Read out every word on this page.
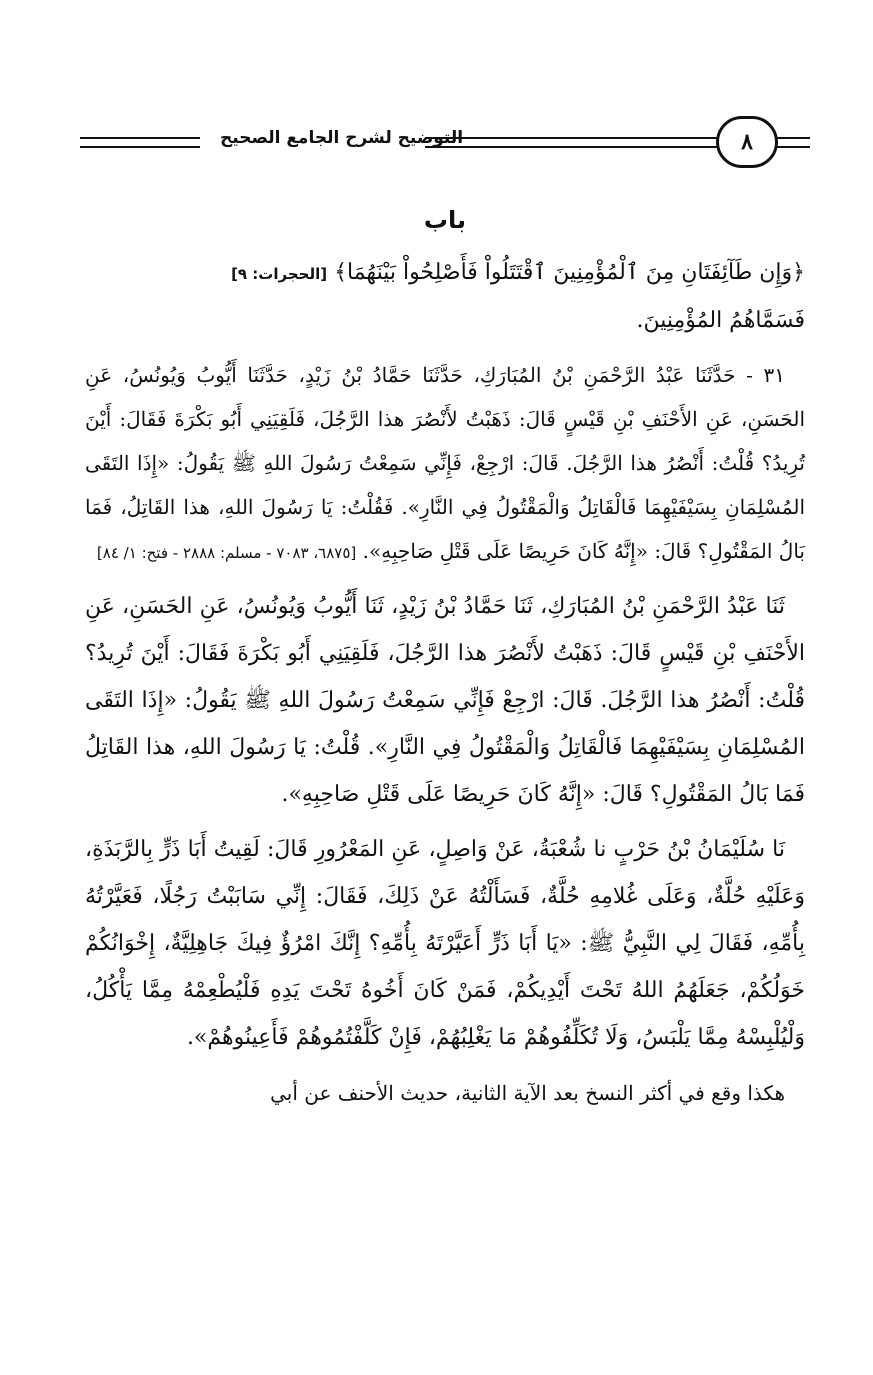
التوضيح لشرح الجامع الصحيح	٨
باب
﴿وَإِن طَآئِفَتَانِ مِنَ ٱلْمُؤْمِنِينَ ٱقْتَتَلُواْ فَأَصْلِحُواْ بَيْنَهُمَا﴾ [الحجرات: ٩]

فَسَمَّاهُمُ المُؤْمِنِينَ.

٣١ - حَدَّثَنَا عَبْدُ الرَّحْمَنِ بْنُ المُبَارَكِ، حَدَّثَنَا حَمَّادُ بْنُ زَيْدٍ، حَدَّثَنَا أَيُّوبُ وَيُونُسُ، عَنِ الحَسَنِ، عَنِ الأَحْنَفِ بْنِ قَيْسٍ قَالَ: ذَهَبْتُ لأَنْصُرَ هذا الرَّجُلَ، فَلَقِيَنِي أَبُو بَكْرَةَ فَقَالَ: أَيْنَ تُرِيدُ؟ قُلْتُ: أَنْصُرُ هذا الرَّجُلَ. قَالَ: ارْجِعْ، فَإِنِّي سَمِعْتُ رَسُولَ اللهِ ﷺ يَقُولُ: «إِذَا التَقَى المُسْلِمَانِ بِسَيْفَيْهِمَا فَالْقَاتِلُ وَالْمَقْتُولُ فِي النَّارِ». فَقُلْتُ: يَا رَسُولَ اللهِ، هذا القَاتِلُ، فَمَا بَالُ المَقْتُولِ؟ قَالَ: «إِنَّهُ كَانَ حَرِيصًا عَلَى قَتْلِ صَاحِبِهِ». [٦٨٧٥، ٧٠٨٣ - مسلم: ٢٨٨٨ - فتح: ١/ ٨٤]

ثَنَا عَبْدُ الرَّحْمَنِ بْنُ المُبَارَكِ، ثَنَا حَمَّادُ بْنُ زَيْدٍ، ثَنَا أَيُّوبُ وَيُونُسُ، عَنِ الحَسَنِ، عَنِ الأَحْنَفِ بْنِ قَيْسٍ قَالَ: ذَهَبْتُ لأَنْصُرَ هذا الرَّجُلَ، فَلَقِيَنِي أَبُو بَكْرَةَ فَقَالَ: أَيْنَ تُرِيدُ؟ قُلْتُ: أَنْصُرُ هذا الرَّجُلَ. قَالَ: ارْجِعْ فَإِنِّي سَمِعْتُ رَسُولَ اللهِ ﷺ يَقُولُ: «إِذَا التَقَى المُسْلِمَانِ بِسَيْفَيْهِمَا فَالْقَاتِلُ وَالْمَقْتُولُ فِي النَّارِ». قُلْتُ: يَا رَسُولَ اللهِ، هذا القَاتِلُ فَمَا بَالُ المَقْتُولِ؟ قَالَ: «إِنَّهُ كَانَ حَرِيصًا عَلَى قَتْلِ صَاحِبِهِ».

نَا سُلَيْمَانُ بْنُ حَرْبٍ نا شُعْبَةُ، عَنْ وَاصِلٍ، عَنِ المَعْرُورِ قَالَ: لَقِيتُ أَبَا ذَرٍّ بِالرَّبَذَةِ، وَعَلَيْهِ حُلَّةٌ، وَعَلَى غُلامِهِ حُلَّةٌ، فَسَأَلْتُهُ عَنْ ذَلِكَ، فَقَالَ: إِنِّي سَابَبْتُ رَجُلًا، فَعَيَّرْتُهُ بِأُمِّهِ، فَقَالَ لِي النَّبِيُّ ﷺ: «يَا أَبَا ذَرٍّ أَعَيَّرْتَهُ بِأُمِّهِ؟ إِنَّكَ امْرُؤٌ فِيكَ جَاهِلِيَّةٌ، إِخْوَانُكُمْ خَوَلُكُمْ، جَعَلَهُمُ اللهُ تَحْتَ أَيْدِيكُمْ، فَمَنْ كَانَ أَخُوهُ تَحْتَ يَدِهِ فَلْيُطْعِمْهُ مِمَّا يَأْكُلُ، وَلْيُلْبِسْهُ مِمَّا يَلْبَسُ، وَلَا تُكَلِّفُوهُمْ مَا يَغْلِبُهُمْ، فَإِنْ كَلَّفْتُمُوهُمْ فَأَعِينُوهُمْ».

هكذا وقع في أكثر النسخ بعد الآية الثانية، حديث الأحنف عن أبي
